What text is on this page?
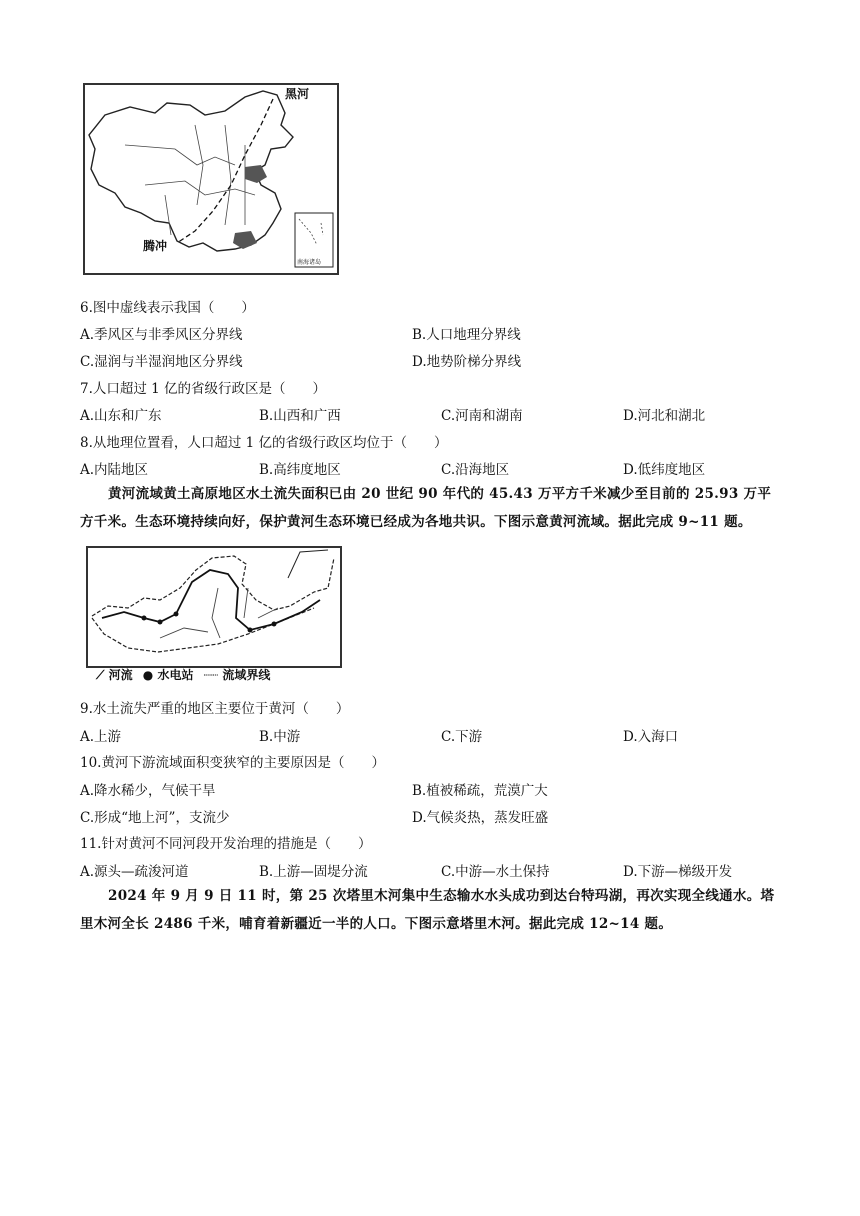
黑河
腾冲
南海诸岛
6.图中虚线表示我国（　　）
A.季风区与非季风区分界线	B.人口地理分界线
C.湿润与半湿润地区分界线	D.地势阶梯分界线
7.人口超过 1 亿的省级行政区是（　　）
A.山东和广东	B.山西和广西	C.河南和湖南	D.河北和湖北
8.从地理位置看，人口超过 1 亿的省级行政区均位于（　　）
A.内陆地区	B.高纬度地区	C.沿海地区	D.低纬度地区
黄河流域黄土高原地区水土流失面积已由 20 世纪 90 年代的 45.43 万平方千米减少至目前的 25.93 万平方千米。生态环境持续向好，保护黄河生态环境已经成为各地共识。下图示意黄河流域。据此完成 9~11 题。
⟋ 河流 ● 水电站 ┈┈ 流域界线
9.水土流失严重的地区主要位于黄河（　　）
A.上游	B.中游	C.下游	D.入海口
10.黄河下游流域面积变狭窄的主要原因是（　　）
A.降水稀少，气候干旱	B.植被稀疏，荒漠广大
C.形成“地上河”，支流少	D.气候炎热，蒸发旺盛
11.针对黄河不同河段开发治理的措施是（　　）
A.源头—疏浚河道	B.上游—固堤分流	C.中游—水土保持	D.下游—梯级开发
2024 年 9 月 9 日 11 时，第 25 次塔里木河集中生态输水水头成功到达台特玛湖，再次实现全线通水。塔里木河全长 2486 千米，哺育着新疆近一半的人口。下图示意塔里木河。据此完成 12~14 题。
